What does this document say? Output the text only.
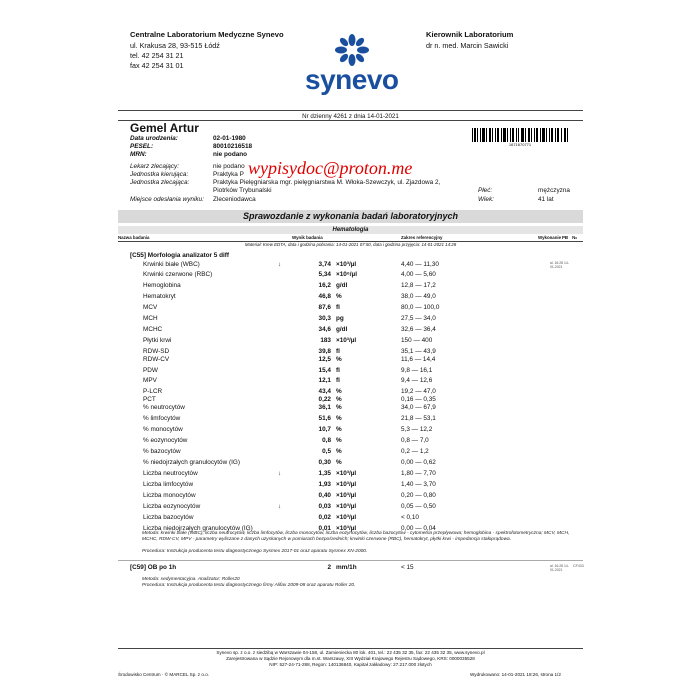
Centralne Laboratorium Medyczne Synevo
ul. Krakusa 28, 93-515 Łódź
tel. 42 254 31 21
fax 42 254 31 01	synevo
Kierownik Laboratorium
dr n. med. Marcin Sawicki
Nr dzienny 4261 z dnia 14-01-2021
Gemel Artur
Data urodzenia:	02-01-1980
PESEL:	80010216518
MRN:	nie podano
1671670771
Lekarz zlecający:	nie podano
Jednostka kierująca:	Praktyka P
Jednostka zlecająca:	Praktyka Pielęgniarska mgr. pielęgniarstwa M. Włoka-Szewczyk, ul. Zjazdowa 2,
Piotrków Trybunalski
Miejsce odesłania wyniku: Zleceniodawca
Płeć:	mężczyzna
Wiek:	41 lat
wypisydoc@proton.me
Sprawozdanie z wykonania badań laboratoryjnych
Hematologia
Nazwa badania	Wynik badania	Zakres referencyjny	Wykonanie PB №
Materiał: Krew EDTA, data i godzina pobrania: 14-01-2021 07:50, data i godzina przyjęcia: 14-01-2021 14:28
[C55] Morfologia analizator 5 diff
Krwinki białe (WBC)	↓	3,74 ×10³/µl	4,40 — 11,30	al. 16:28 14-01-2021
Krwinki czerwone (RBC)	5,34 ×10⁶/µl	4,00 — 5,60
Hemoglobina	16,2 g/dl	12,8 — 17,2
Hematokryt	46,8 %	38,0 — 49,0
MCV	87,6 fl	80,0 — 100,0
MCH	30,3 pg	27,5 — 34,0
MCHC	34,6 g/dl	32,6 — 36,4
Płytki krwi	183 ×10³/µl	150 — 400
RDW-SD	39,8 fl	35,1 — 43,9
RDW-CV	12,5 %	11,6 — 14,4
PDW	15,4 fl	9,8 — 16,1
MPV	12,1 fl	9,4 — 12,6
P-LCR	43,4 %	19,2 — 47,0
PCT	0,22 %	0,16 — 0,35
% neutrocytów	36,1 %	34,0 — 67,9
% limfocytów	51,6 %	21,8 — 53,1
% monocytów	10,7 %	5,3 — 12,2
% eozynocytów	0,8 %	0,8 — 7,0
% bazocytów	0,5 %	0,2 — 1,2
% niedojrzałych granulocytów (IG)	0,30 %	0,00 — 0,62
Liczba neutrocytów	↓	1,35 ×10³/µl	1,80 — 7,70
Liczba limfocytów	1,93 ×10³/µl	1,40 — 3,70
Liczba monocytów	0,40 ×10³/µl	0,20 — 0,80
Liczba eozynocytów	↓	0,03 ×10³/µl	0,05 — 0,50
Liczba bazocytów	0,02 ×10³/µl	< 0,10
Liczba niedojrzałych granulocytów (IG)	0,01 ×10³/µl	0,00 — 0,04
Metoda: krwinki białe (WBC), liczba neutrocytów, liczba limfocytów, liczba monocytów, liczba eozynocytów, liczba bazocytów - cytometria przepływowa; hemoglobina - spektrofotometryczna; MCV, MCH, MCHC, RDW-CV, MPV - parametry wyliczane z danych uzyskanych w pomiarach bezpośrednich; krwinki czerwone (RBC), hematokryt, płytki krwi - impedancja stałoprądowa.
Procedura: Instrukcja producenta testu diagnostycznego Sysmex 2017-01 oraz aparatu Sysmex XN-2000.
[C59] OB po 1h	2 mm/1h	< 15	al. 16:28 14-01-2021
CF433
Metoda: sedymentacyjna. Analizator: Roller20
Procedura: Instrukcja producenta testu diagnostycznego firmy Alifax 2009-08 oraz aparatu Roller 20.
Synevo sp. z o.o. z siedzibą w Warszawie 04-158, ul. Zamieniecka 80 lok. 401, tel.: 22 435 32 35, fax: 22 435 32 35, www.synevo.pl
Zarejestrowana w Sądzie Rejonowym dla m.st. Warszawy, XIII Wydział Krajowego Rejestru Sądowego, KRS: 0000035528
NIP: 527-24-71-288, Regon: 140136840, Kapitał zakładowy: 27.217.000 złotych
Środowisko Centrum · © MARCEL Sp. z o.o.	Wydrukowano: 14-01-2021 18:26, strona 1/2
